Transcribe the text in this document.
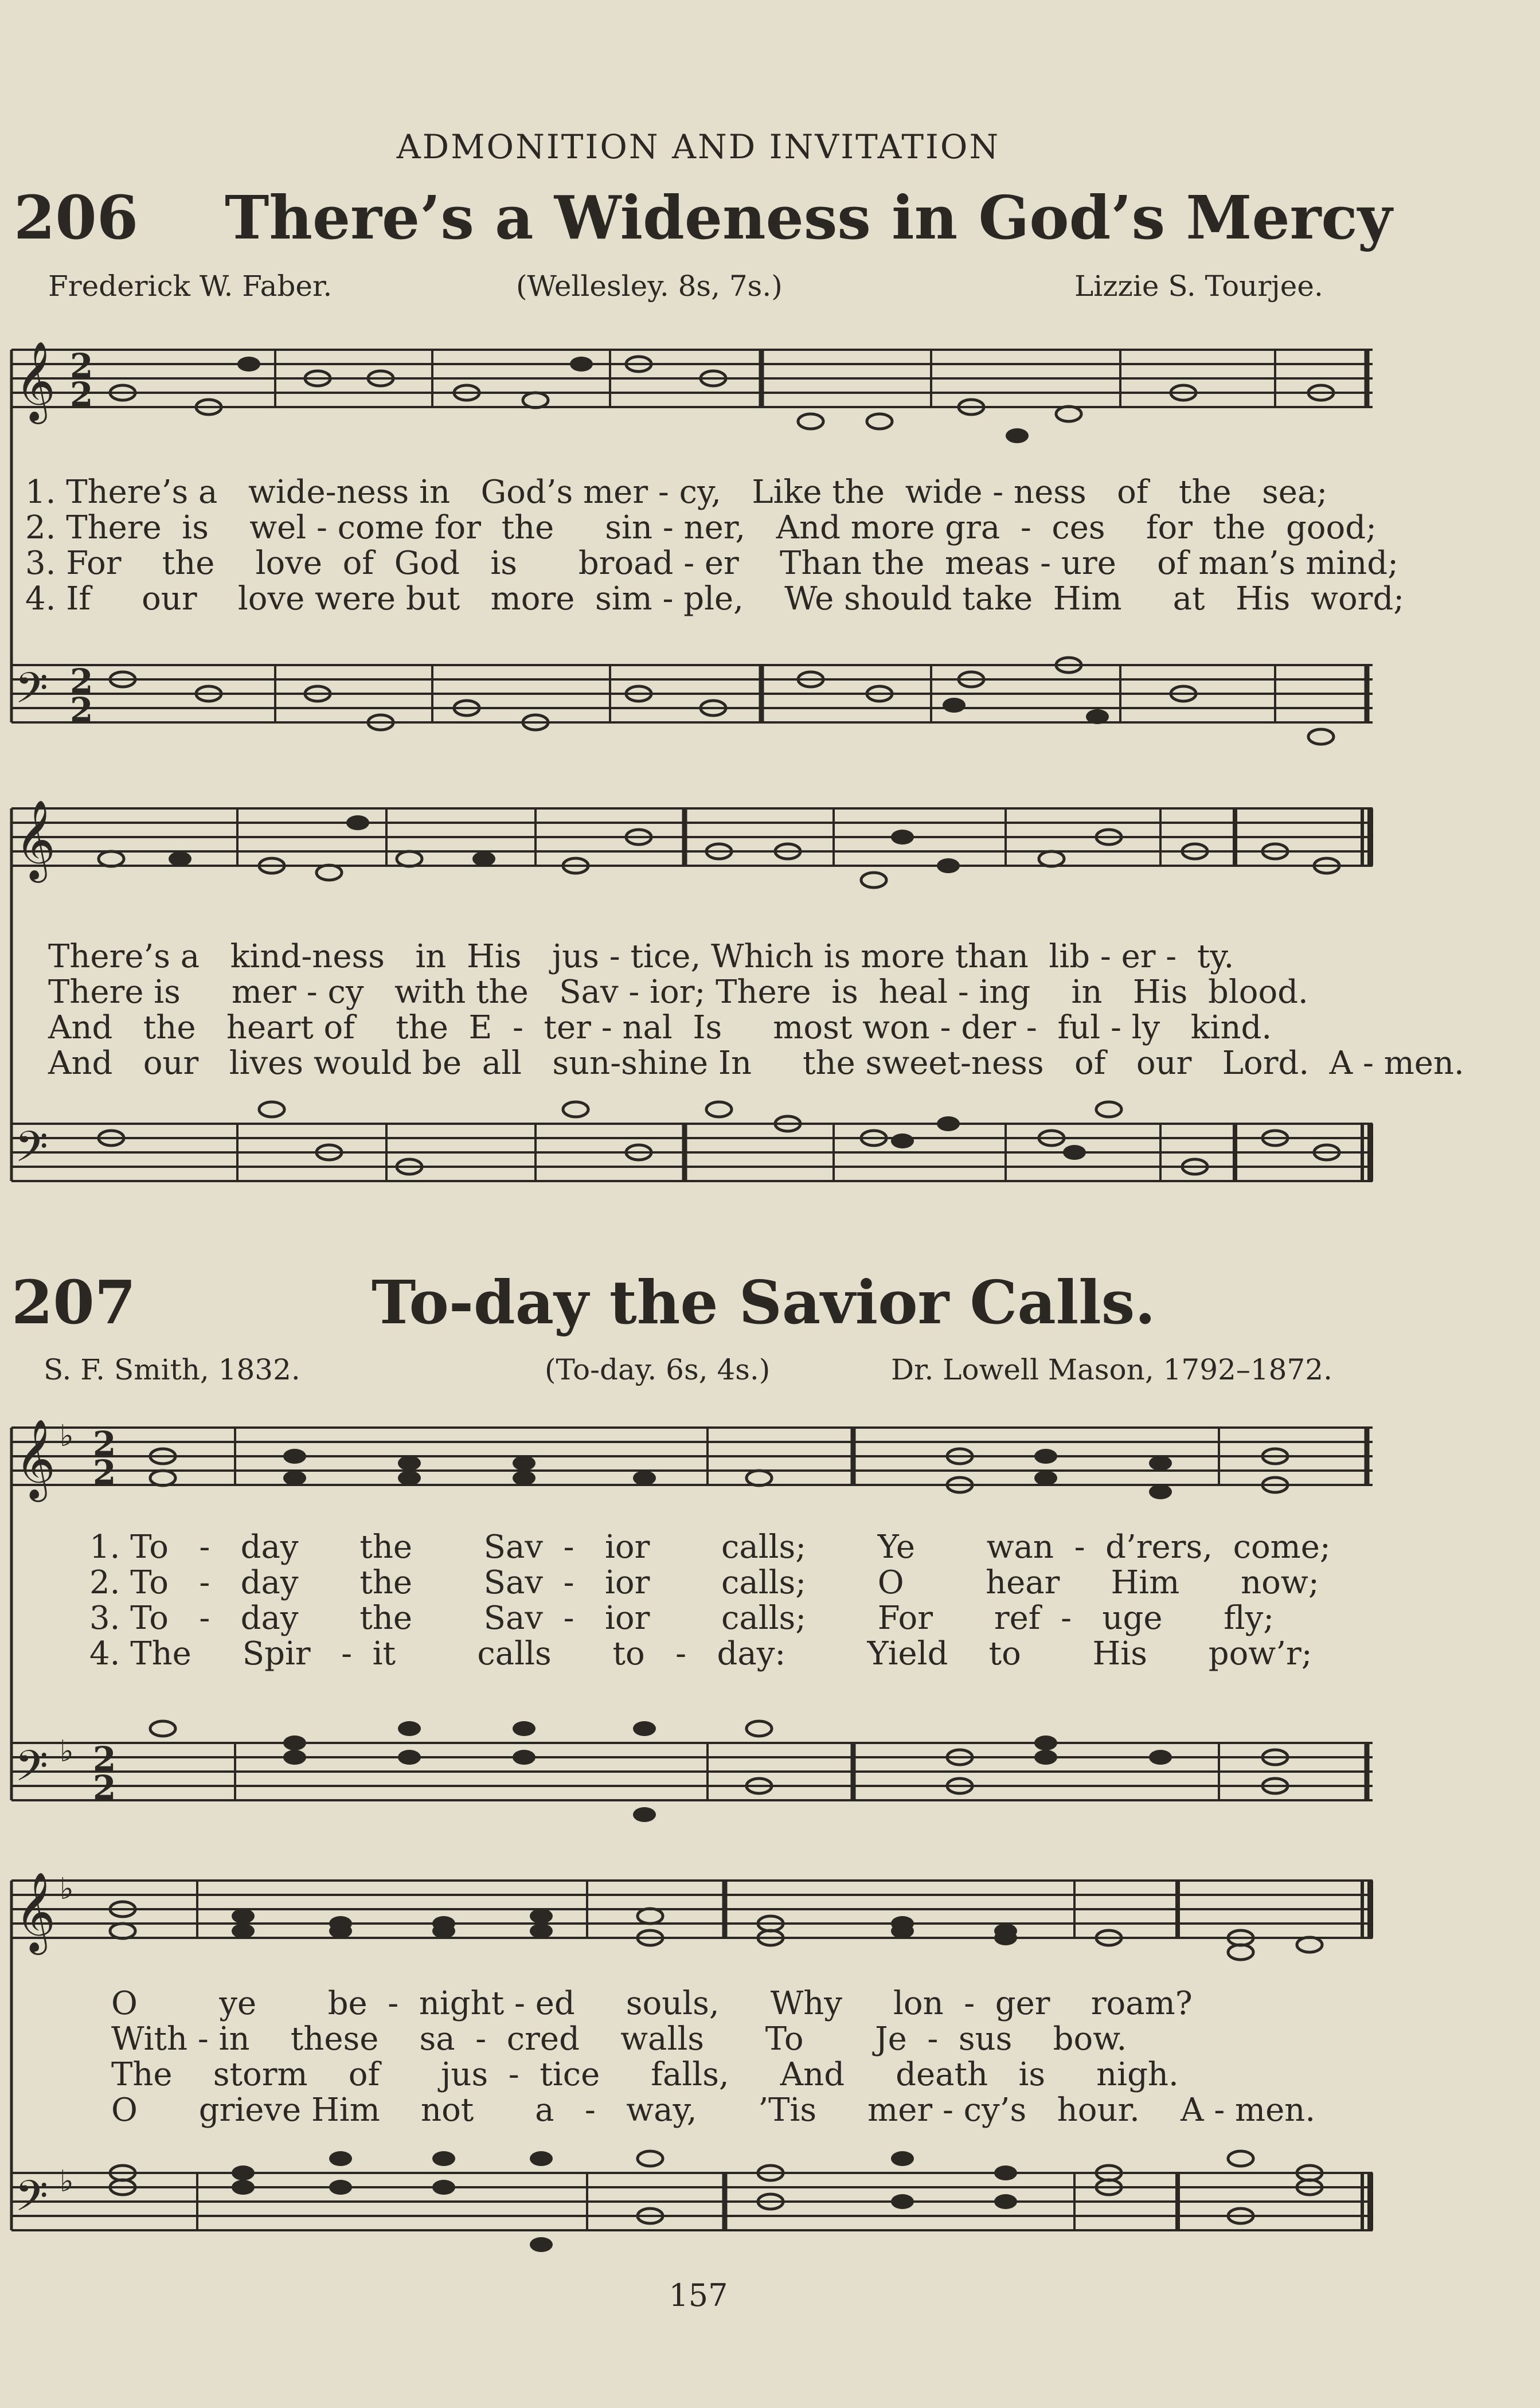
ADMONITION AND INVITATION
206 There’s a Wideness in God’s Mercy
Frederick W. Faber.	(Wellesley. 8s, 7s.)	Lizzie S. Tourjee.
𝄞
𝄢
2
2
2
2
1. There’s a   wide-ness in   God’s mer - cy,   Like the  wide - ness   of   the   sea;
2. There  is    wel - come for  the     sin - ner,   And more gra  -  ces    for  the  good;
3. For    the    love  of  God   is      broad - er    Than the  meas - ure    of man’s mind;
4. If     our    love were but   more  sim - ple,    We should take  Him     at   His  word;
𝄞
𝄢
There’s a   kind-ness   in  His   jus - tice, Which is more than  lib - er -  ty.
There is     mer - cy   with the   Sav - ior; There  is  heal - ing    in   His  blood.
And   the   heart of    the  E  -  ter - nal  Is     most won - der -  ful - ly   kind.
And   our   lives would be  all   sun-shine In     the sweet-ness   of   our   Lord.  A - men.
207	To-day the Savior Calls.
S. F. Smith, 1832.	(To-day. 6s, 4s.)	Dr. Lowell Mason, 1792–1872.
𝄞
𝄢
♭
♭
2
2
2
2
1. To   -   day      the       Sav  -   ior       calls;       Ye       wan  -  d’rers,  come;
2. To   -   day      the       Sav  -   ior       calls;       O        hear     Him      now;
3. To   -   day      the       Sav  -   ior       calls;       For      ref  -   uge      fly;
4. The     Spir   -  it        calls      to   -   day:        Yield    to       His      pow’r;
𝄞
𝄢
♭
♭
O        ye       be  -  night - ed     souls,     Why     lon  -  ger    roam?
With - in    these    sa  -  cred    walls      To       Je  -  sus    bow.
The    storm    of      jus  -  tice     falls,     And     death   is     nigh.
O      grieve Him    not      a   -   way,      ’Tis     mer - cy’s   hour.    A - men.
157
